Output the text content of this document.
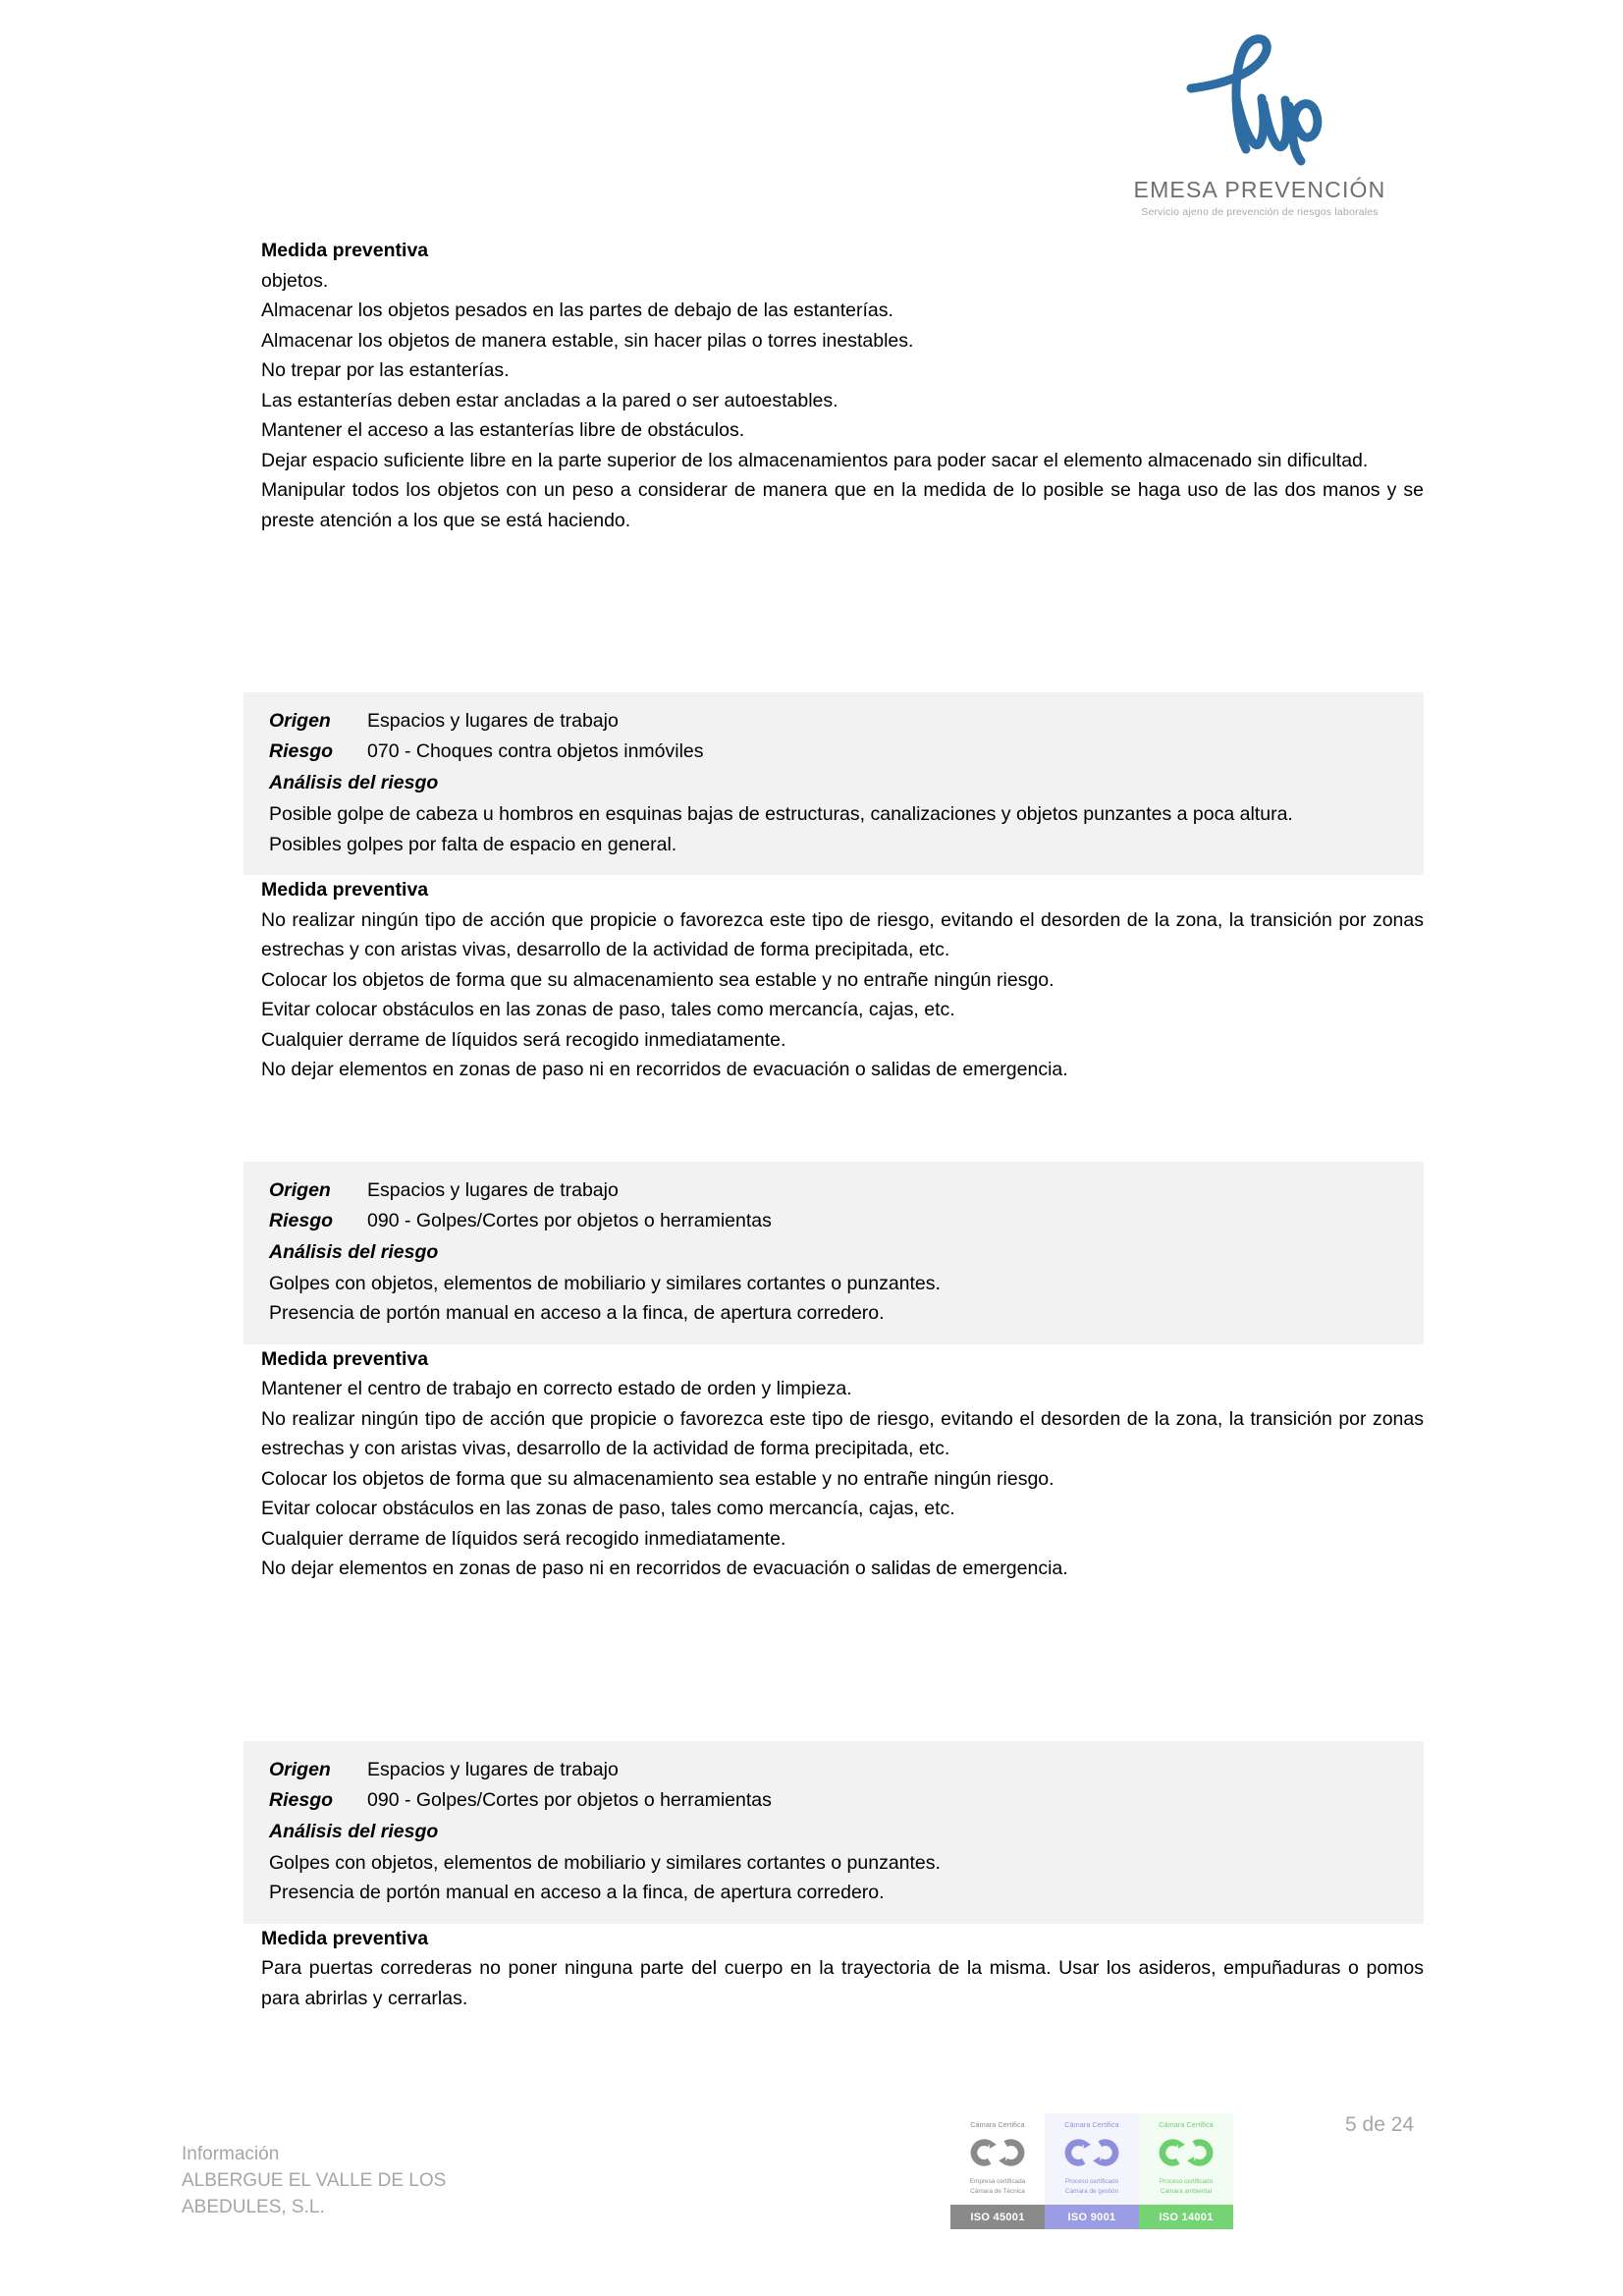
EMESA PREVENCIÓN
Servicio ajeno de prevención de riesgos laborales
Medida preventiva
objetos.
Almacenar los objetos pesados en las partes de debajo de las estanterías.
Almacenar los objetos de manera estable, sin hacer pilas o torres inestables.
No trepar por las estanterías.
Las estanterías deben estar ancladas a la pared o ser autoestables.
Mantener el acceso a las estanterías libre de obstáculos.
Dejar espacio suficiente libre en la parte superior de los almacenamientos para poder sacar el elemento almacenado sin dificultad.
Manipular todos los objetos con un peso a considerar de manera que en la medida de lo posible se haga uso de las dos manos y se preste atención a los que se está haciendo.
Origen	Espacios y lugares de trabajo
Riesgo	070 - Choques contra objetos inmóviles
Análisis del riesgo
Posible golpe de cabeza u hombros en esquinas bajas de estructuras, canalizaciones y objetos punzantes a poca altura.
Posibles golpes por falta de espacio en general.
Medida preventiva
No realizar ningún tipo de acción que propicie o favorezca este tipo de riesgo, evitando el desorden de la zona, la transición por zonas estrechas y con aristas vivas, desarrollo de la actividad de forma precipitada, etc.
Colocar los objetos de forma que su almacenamiento sea estable y no entrañe ningún riesgo.
Evitar colocar obstáculos en las zonas de paso, tales como mercancía, cajas, etc.
Cualquier derrame de líquidos será recogido inmediatamente.
No dejar elementos en zonas de paso ni en recorridos de evacuación o salidas de emergencia.
Origen	Espacios y lugares de trabajo
Riesgo	090 - Golpes/Cortes por objetos o herramientas
Análisis del riesgo
Golpes con objetos, elementos de mobiliario y similares cortantes o punzantes.
Presencia de portón manual en acceso a la finca, de apertura corredero.
Medida preventiva
Mantener el centro de trabajo en correcto estado de orden y limpieza.
No realizar ningún tipo de acción que propicie o favorezca este tipo de riesgo, evitando el desorden de la zona, la transición por zonas estrechas y con aristas vivas, desarrollo de la actividad de forma precipitada, etc.
Colocar los objetos de forma que su almacenamiento sea estable y no entrañe ningún riesgo.
Evitar colocar obstáculos en las zonas de paso, tales como mercancía, cajas, etc.
Cualquier derrame de líquidos será recogido inmediatamente.
No dejar elementos en zonas de paso ni en recorridos de evacuación o salidas de emergencia.
Origen	Espacios y lugares de trabajo
Riesgo	090 - Golpes/Cortes por objetos o herramientas
Análisis del riesgo
Golpes con objetos, elementos de mobiliario y similares cortantes o punzantes.
Presencia de portón manual en acceso a la finca, de apertura corredero.
Medida preventiva
Para puertas correderas no poner ninguna parte del cuerpo en la trayectoria de la misma. Usar los asideros, empuñaduras o pomos para abrirlas y cerrarlas.
Información
ALBERGUE EL VALLE DE LOS
ABEDULES, S.L.
Cámara Certifica
Empresa certificada
Cámara de Técnica
ISO 45001
Cámara Certifica
Proceso certificado
Cámara de gestión
ISO 9001
Cámara Certifica
Proceso certificado
Cámara ambiental
ISO 14001
5 de 24
